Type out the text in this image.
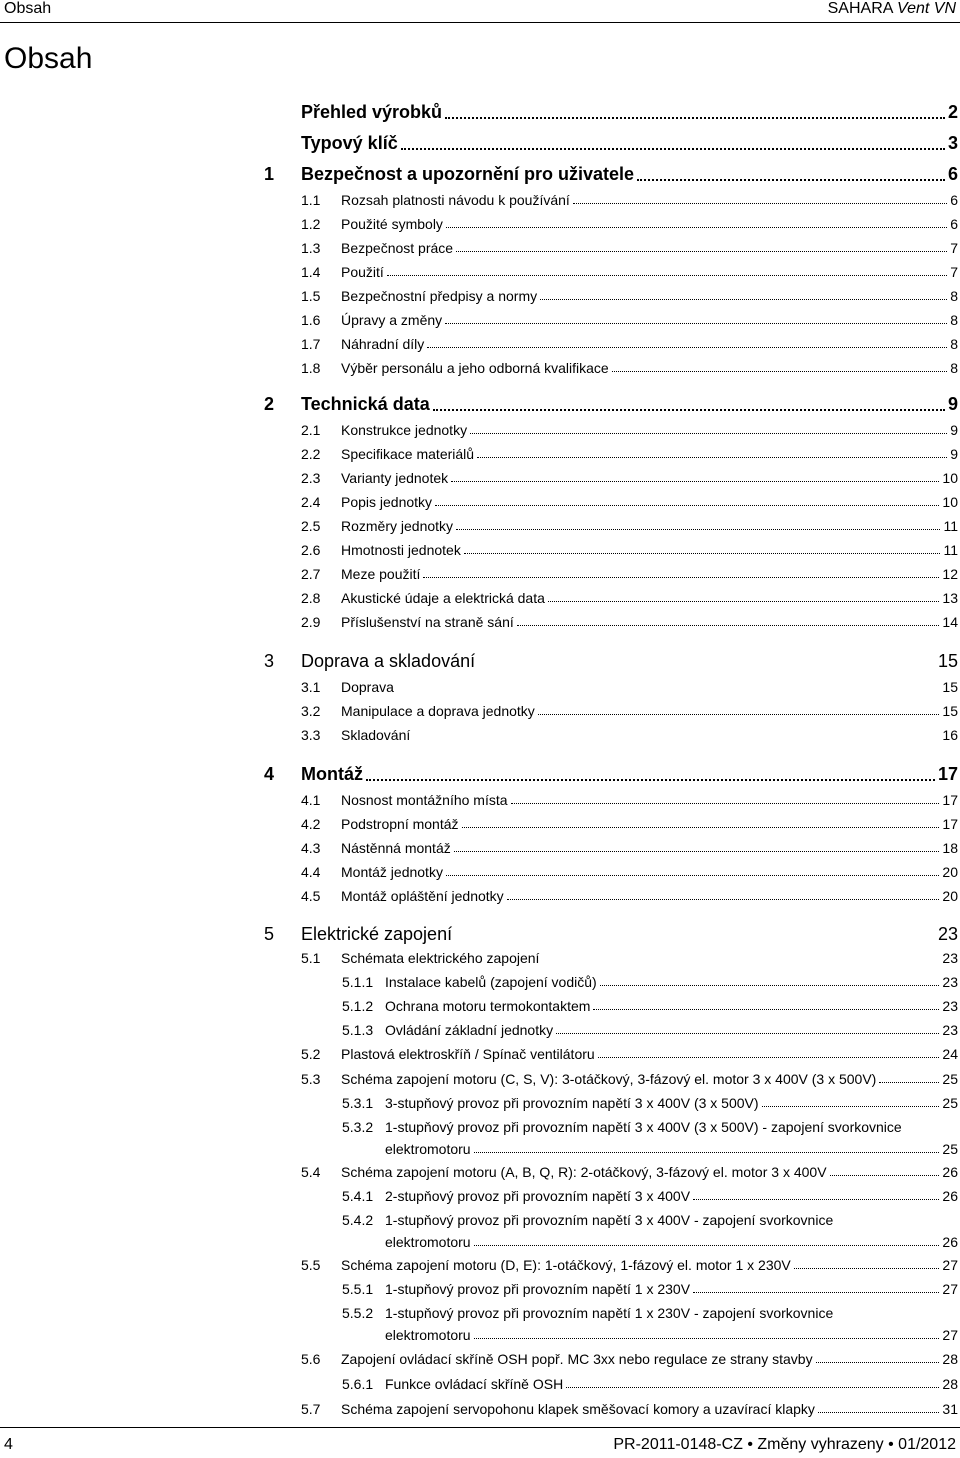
Obsah	SAHARA Vent VN
Obsah
Přehled výrobků	2
Typový klíč	3
1 Bezpečnost a upozornění pro uživatele	6
1.1 Rozsah platnosti návodu k používání	6
1.2 Použité symboly	6
1.3 Bezpečnost práce	7
1.4 Použití	7
1.5 Bezpečnostní předpisy a normy	8
1.6 Úpravy a změny	8
1.7 Náhradní díly	8
1.8 Výběr personálu a jeho odborná kvalifikace	8
2 Technická data	9
2.1 Konstrukce jednotky	9
2.2 Specifikace materiálů	9
2.3 Varianty jednotek	10
2.4 Popis jednotky	10
2.5 Rozměry jednotky	11
2.6 Hmotnosti jednotek	11
2.7 Meze použití	12
2.8 Akustické údaje a elektrická data	13
2.9 Příslušenství na straně sání	14
3 Doprava a skladování	15
3.1 Doprava	15
3.2 Manipulace a doprava jednotky	15
3.3 Skladování	16
4 Montáž	17
4.1 Nosnost montážního místa	17
4.2 Podstropní montáž	17
4.3 Nástěnná montáž	18
4.4 Montáž jednotky	20
4.5 Montáž opláštění jednotky	20
5 Elektrické zapojení	23
5.1 Schémata elektrického zapojení	23
5.1.1 Instalace kabelů (zapojení vodičů)	23
5.1.2 Ochrana motoru termokontaktem	23
5.1.3 Ovládání základní jednotky	23
5.2 Plastová elektroskříň / Spínač ventilátoru	24
5.3 Schéma zapojení motoru (C, S, V): 3-otáčkový, 3-fázový el. motor 3 x 400V (3 x 500V)	25
5.3.1 3-stupňový provoz při provozním napětí 3 x 400V (3 x 500V)	25
5.3.2 1-stupňový provoz při provozním napětí 3 x 400V (3 x 500V) - zapojení svorkovnice
elektromotoru	25
5.4 Schéma zapojení motoru (A, B, Q, R): 2-otáčkový, 3-fázový el. motor 3 x 400V	26
5.4.1 2-stupňový provoz při provozním napětí 3 x 400V	26
5.4.2 1-stupňový provoz při provozním napětí 3 x 400V - zapojení svorkovnice
elektromotoru	26
5.5 Schéma zapojení motoru (D, E): 1-otáčkový, 1-fázový el. motor 1 x 230V	27
5.5.1 1-stupňový provoz při provozním napětí 1 x 230V	27
5.5.2 1-stupňový provoz při provozním napětí 1 x 230V - zapojení svorkovnice
elektromotoru	27
5.6 Zapojení ovládací skříně OSH popř. MC 3xx nebo regulace ze strany stavby	28
5.6.1 Funkce ovládací skříně OSH	28
5.7 Schéma zapojení servopohonu klapek směšovací komory a uzavírací klapky	31
4	PR-2011-0148-CZ • Změny vyhrazeny • 01/2012
